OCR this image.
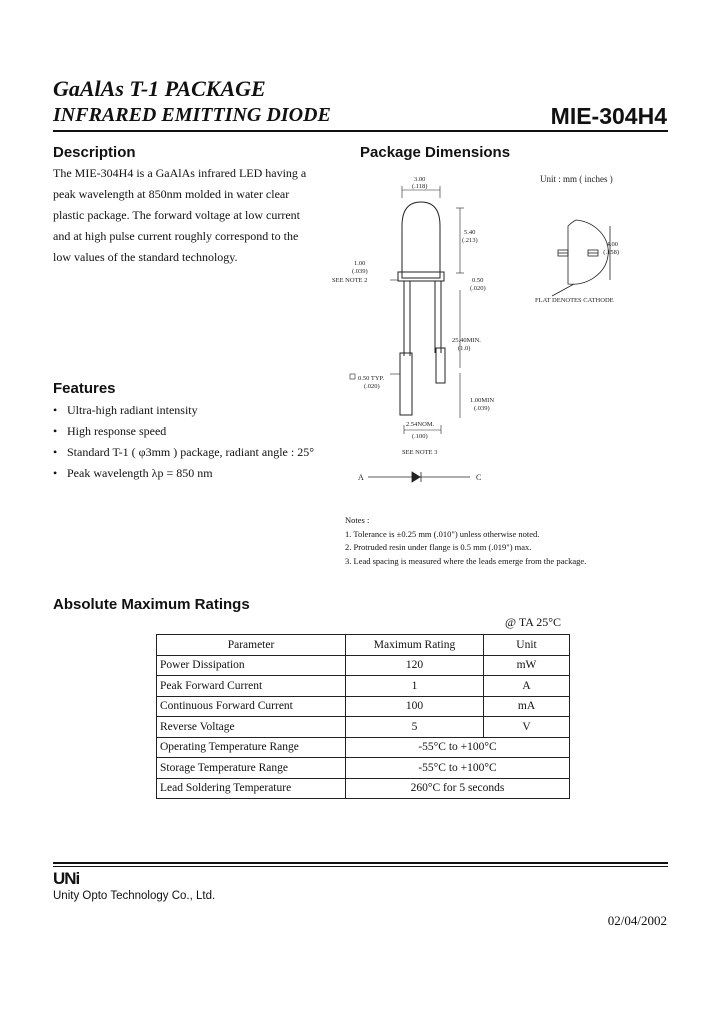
GaAlAs T-1 PACKAGE
INFRARED EMITTING DIODE	MIE-304H4
Description
The MIE-304H4 is a GaAlAs infrared LED having a
peak wavelength at 850nm molded in water clear
plastic package. The forward voltage at low current
and at high pulse current roughly correspond to the
low values of the standard technology.
Features
• Ultra-high radiant intensity
• High response speed
• Standard T-1 ( φ3mm ) package, radiant angle : 25°
• Peak wavelength λp = 850 nm
Package Dimensions
Unit : mm ( inches )
3.00
(.118)
5.40
(.213)
0.50
(.020)
1.00
(.039)
SEE NOTE 2
25.40MIN.
(1.0)
0.50 TYP.
(.020)
1.00MIN
(.039)
2.54NOM.
(.100)
SEE NOTE 3
4.00
(.158)
FLAT DENOTES CATHODE
A	C
Notes :
1. Tolerance is ±0.25 mm (.010") unless otherwise noted.
2. Protruded resin under flange is 0.5 mm (.019") max.
3. Lead spacing is measured where the leads emerge from the package.
Absolute Maximum Ratings
@ TA 25°C
Parameter	Maximum Rating	Unit
Power Dissipation	120	mW
Peak Forward Current	1	A
Continuous Forward Current	100	mA
Reverse Voltage	5	V
Operating Temperature Range	-55°C to +100°C	
Storage Temperature Range	-55°C to +100°C	
Lead Soldering Temperature	260°C for 5 seconds	
UNi
Unity Opto Technology Co., Ltd.
02/04/2002
